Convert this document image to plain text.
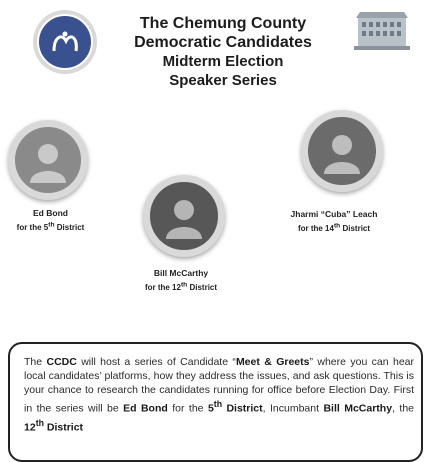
The Chemung County
Democratic Candidates
Midterm Election
Speaker Series
Ed Bond
for the 5th District
Bill McCarthy
for the 12th District
Jharmi “Cuba” Leach
for the 14th District
The CCDC will host a series of Candidate “Meet & Greets” where you can hear local candidates’ platforms, how they address the issues, and ask questions. This is your chance to research the candidates running for office before Election Day. First in the series will be Ed Bond for the 5th District, Incumbant Bill McCarthy, the 12th District
